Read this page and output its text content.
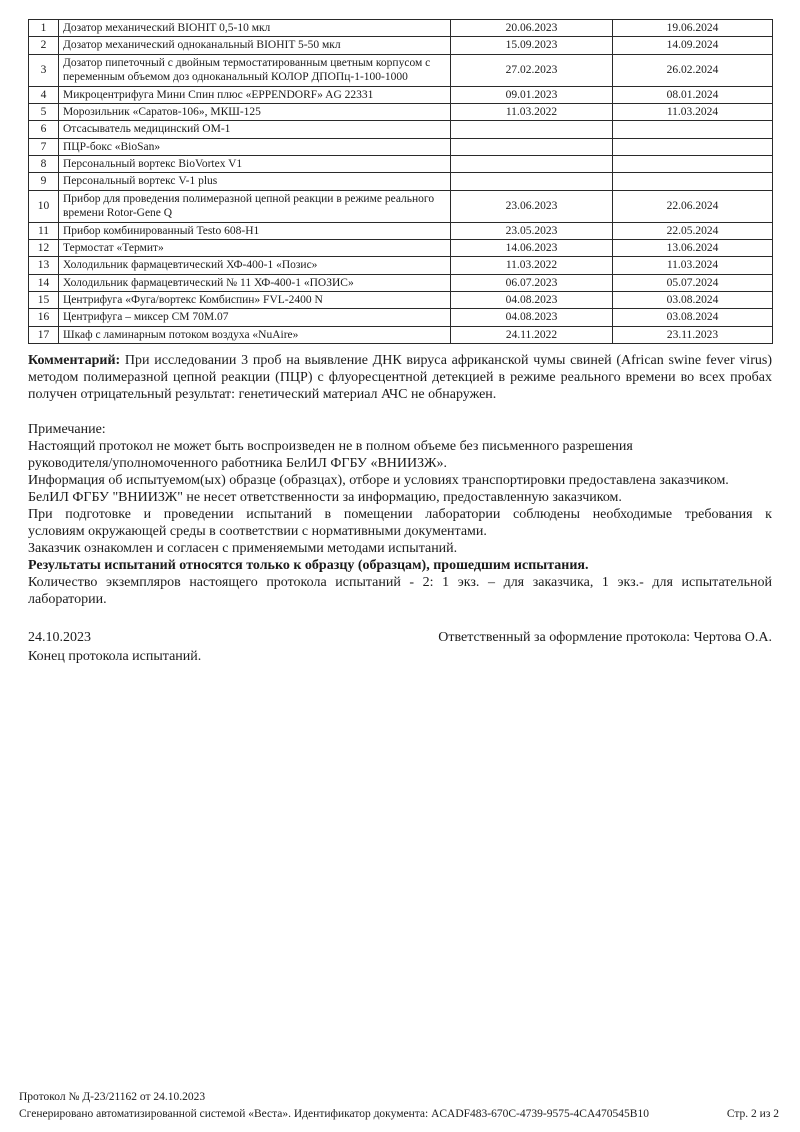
1	Дозатор механический BIOHIT 0,5-10 мкл	20.06.2023	19.06.2024
2	Дозатор механический одноканальный BIOHIT 5-50 мкл	15.09.2023	14.09.2024
3	Дозатор пипеточный с двойным термостатированным цветным корпусом с переменным объемом доз одноканальный КОЛОР ДПОПц-1-100-1000	27.02.2023	26.02.2024
4	Микроцентрифуга Мини Спин плюс «EPPENDORF» AG 22331	09.01.2023	08.01.2024
5	Морозильник «Саратов-106», МКШ-125	11.03.2022	11.03.2024
6	Отсасыватель медицинский ОМ-1		
7	ПЦР-бокс «BioSan»		
8	Персональный вортекс BioVortex V1		
9	Персональный вортекс V-1 plus		
10	Прибор для проведения полимеразной цепной реакции в режиме реального времени Rotor-Gene Q	23.06.2023	22.06.2024
11	Прибор комбинированный Testo 608-H1	23.05.2023	22.05.2024
12	Термостат «Термит»	14.06.2023	13.06.2024
13	Холодильник фармацевтический ХФ-400-1 «Позис»	11.03.2022	11.03.2024
14	Холодильник фармацевтический № 11 ХФ-400-1 «ПОЗИС»	06.07.2023	05.07.2024
15	Центрифуга «Фуга/вортекс Комбиспин» FVL-2400 N	04.08.2023	03.08.2024
16	Центрифуга – миксер СМ 70М.07	04.08.2023	03.08.2024
17	Шкаф с ламинарным потоком воздуха «NuAire»	24.11.2022	23.11.2023
Комментарий: При исследовании 3 проб на выявление ДНК вируса африканской чумы свиней (African swine fever virus) методом полимеразной цепной реакции (ПЦР) с флуоресцентной детекцией в режиме реального времени во всех пробах получен отрицательный результат: генетический материал АЧС не обнаружен.
Примечание:
Настоящий протокол не может быть воспроизведен не в полном объеме без письменного разрешения
руководителя/уполномоченного работника БелИЛ ФГБУ «ВНИИЗЖ».
Информация об испытуемом(ых) образце (образцах), отборе и условиях транспортировки предоставлена заказчиком.
БелИЛ ФГБУ "ВНИИЗЖ" не несет ответственности за информацию, предоставленную заказчиком.
При подготовке и проведении испытаний в помещении лаборатории соблюдены необходимые требования к
условиям окружающей среды в соответствии с нормативными документами.
Заказчик ознакомлен и согласен с применяемыми методами испытаний.
Результаты испытаний относятся только к образцу (образцам), прошедшим испытания.
Количество экземпляров настоящего протокола испытаний - 2: 1 экз. – для заказчика, 1 экз.- для испытательной
лаборатории.
24.10.2023	Ответственный за оформление протокола: Чертова О.А.
Конец протокола испытаний.
Протокол № Д-23/21162 от 24.10.2023
Сгенерировано автоматизированной системой «Веста». Идентификатор документа: ACADF483-670C-4739-9575-4CA470545B10	Стр. 2 из 2
